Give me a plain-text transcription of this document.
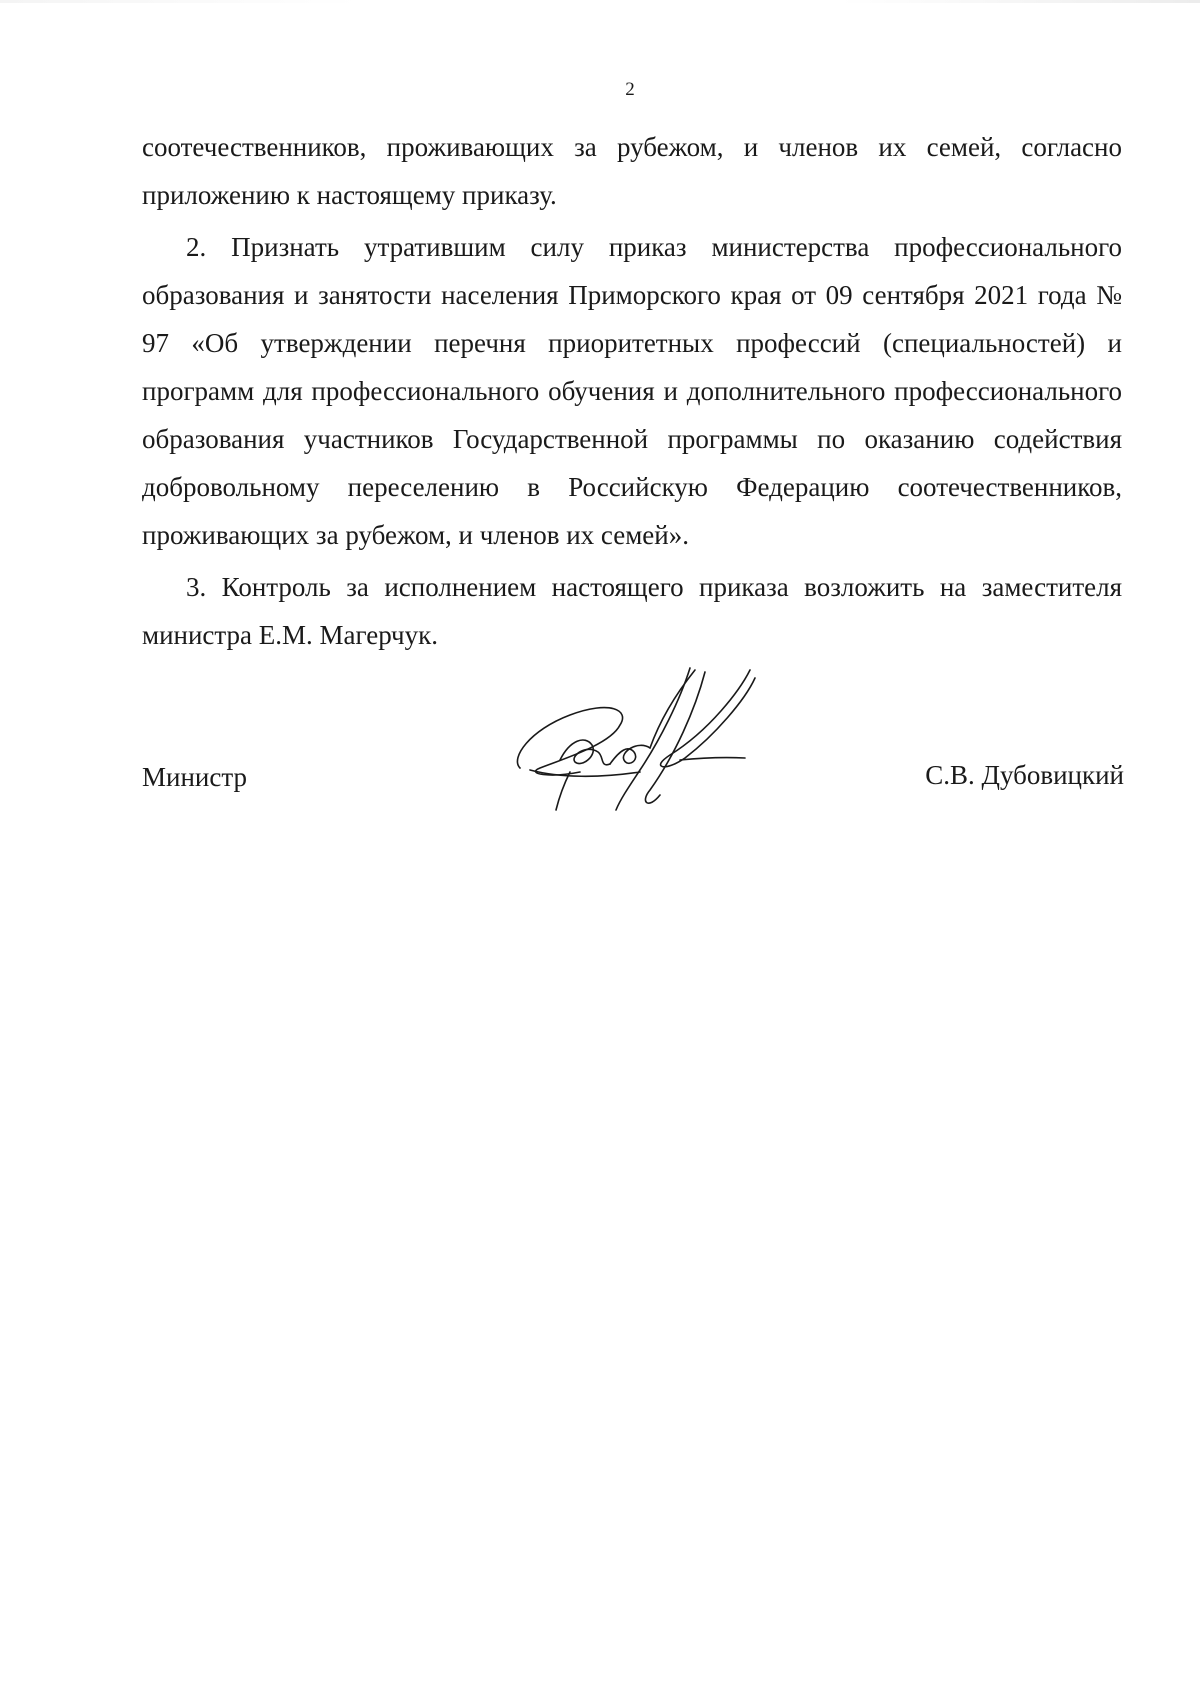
2

соотечественников, проживающих за рубежом, и членов их семей, согласно приложению к настоящему приказу.

2. Признать утратившим силу приказ министерства профессионального образования и занятости населения Приморского края от 09 сентября 2021 года № 97 «Об утверждении перечня приоритетных профессий (специальностей) и программ для профессионального обучения и дополнительного профессионального образования участников Государственной программы по оказанию содействия добровольному переселению в Российскую Федерацию соотечественников, проживающих за рубежом, и членов их семей».

3. Контроль за исполнением настоящего приказа возложить на заместителя министра Е.М. Магерчук.

Министр	С.В. Дубовицкий
